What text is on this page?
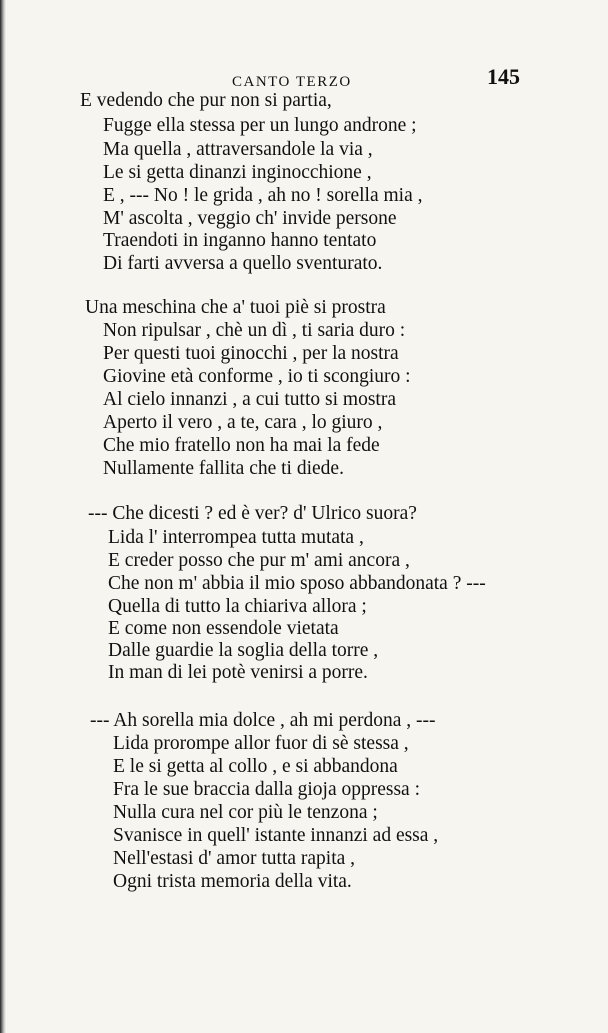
CANTO TERZO	145
E vedendo che pur non si partia,
Fugge ella stessa per un lungo androne ;
Ma quella , attraversandole la via ,
Le si getta dinanzi inginocchione ,
E , --- No ! le grida , ah no ! sorella mia ,
M' ascolta , veggio ch' invide persone
Traendoti in inganno hanno tentato
Di farti avversa a quello sventurato.
Una meschina che a' tuoi piè si prostra
Non ripulsar , chè un dì , ti saria duro :
Per questi tuoi ginocchi , per la nostra
Giovine età conforme , io ti scongiuro :
Al cielo innanzi , a cui tutto si mostra
Aperto il vero , a te, cara , lo giuro ,
Che mio fratello non ha mai la fede
Nullamente fallita che ti diede.
--- Che dicesti ? ed è ver? d' Ulrico suora?
Lida l' interrompea tutta mutata ,
E creder posso che pur m' ami ancora ,
Che non m' abbia il mio sposo abbandonata ? ---
Quella di tutto la chiariva allora ;
E come non essendole vietata
Dalle guardie la soglia della torre ,
In man di lei potè venirsi a porre.
--- Ah sorella mia dolce , ah mi perdona , ---
Lida prorompe allor fuor di sè stessa ,
E le si getta al collo , e si abbandona
Fra le sue braccia dalla gioja oppressa :
Nulla cura nel cor più le tenzona ;
Svanisce in quell' istante innanzi ad essa ,
Nell'estasi d' amor tutta rapita ,
Ogni trista memoria della vita.
